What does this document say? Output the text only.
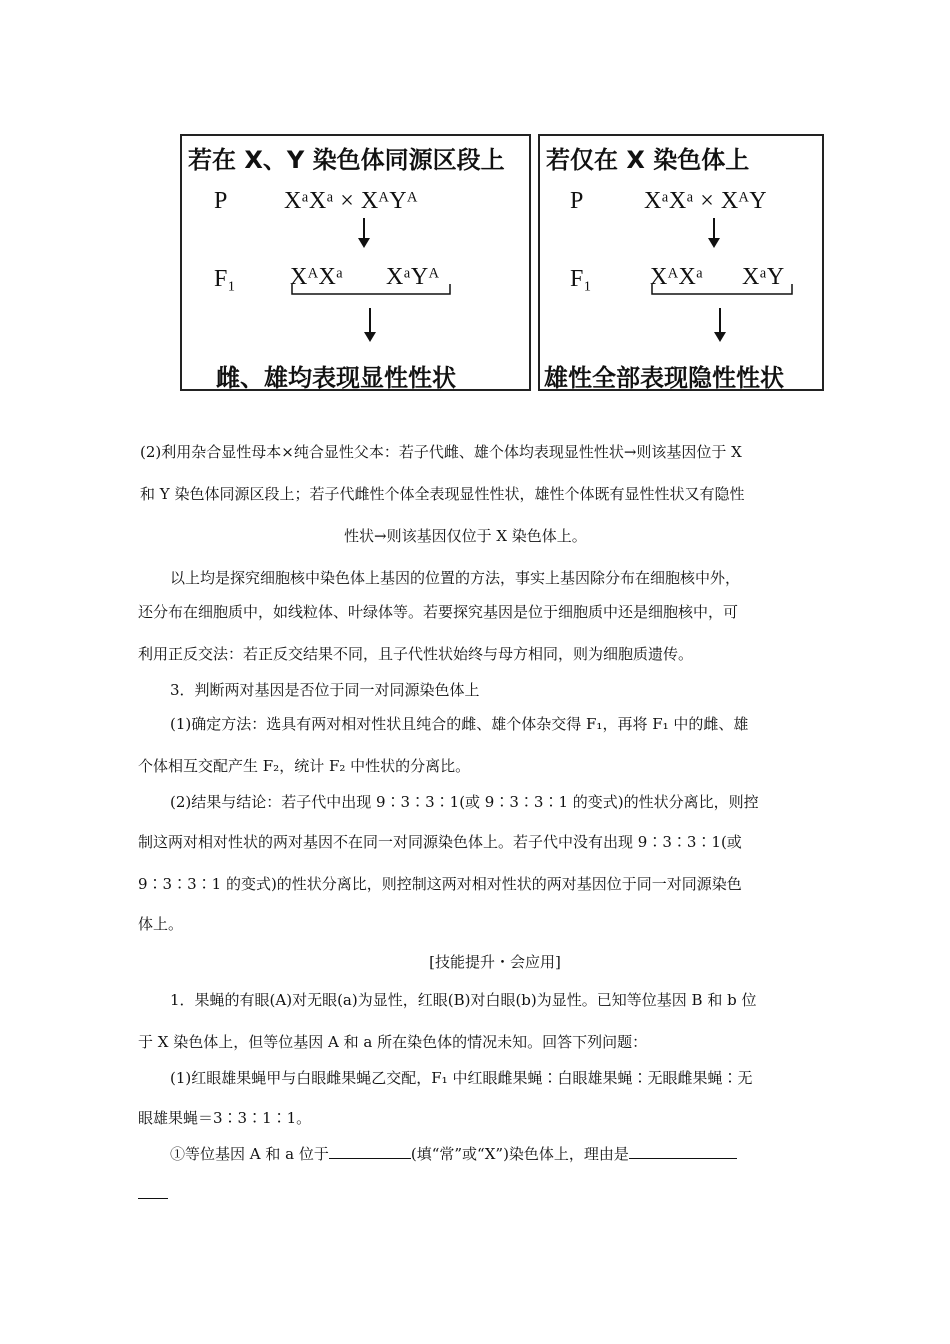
若在 X、Y 染色体同源区段上
P XᵃXᵃ × XᴬYᴬ
F₁ XᴬXᵃ XᵃYᴬ
雌、雄均表现显性性状
若仅在 X 染色体上
P	XᵃXᵃ × XᴬY
F₁ XᴬXᵃ XᵃY
雄性全部表现隐性性状
(2)利用杂合显性母本×纯合显性父本：若子代雌、雄个体均表现显性性状→则该基因位于 X
和 Y 染色体同源区段上；若子代雌性个体全表现显性性状，雄性个体既有显性性状又有隐性
性状→则该基因仅位于 X 染色体上。
以上均是探究细胞核中染色体上基因的位置的方法，事实上基因除分布在细胞核中外，
还分布在细胞质中，如线粒体、叶绿体等。若要探究基因是位于细胞质中还是细胞核中，可
利用正反交法：若正反交结果不同，且子代性状始终与母方相同，则为细胞质遗传。
3．判断两对基因是否位于同一对同源染色体上
(1)确定方法：选具有两对相对性状且纯合的雌、雄个体杂交得 F₁，再将 F₁ 中的雌、雄
个体相互交配产生 F₂，统计 F₂ 中性状的分离比。
(2)结果与结论：若子代中出现 9∶3∶3∶1(或 9∶3∶3∶1 的变式)的性状分离比，则控
制这两对相对性状的两对基因不在同一对同源染色体上。若子代中没有出现 9∶3∶3∶1(或
9∶3∶3∶1 的变式)的性状分离比，则控制这两对相对性状的两对基因位于同一对同源染色
体上。
[技能提升・会应用]
1．果蝇的有眼(A)对无眼(a)为显性，红眼(B)对白眼(b)为显性。已知等位基因 B 和 b 位
于 X 染色体上，但等位基因 A 和 a 所在染色体的情况未知。回答下列问题：
(1)红眼雄果蝇甲与白眼雌果蝇乙交配，F₁ 中红眼雌果蝇∶白眼雄果蝇∶无眼雌果蝇∶无
眼雄果蝇＝3∶3∶1∶1。
①等位基因 A 和 a 位于	(填“常”或“X”)染色体上，理由是
